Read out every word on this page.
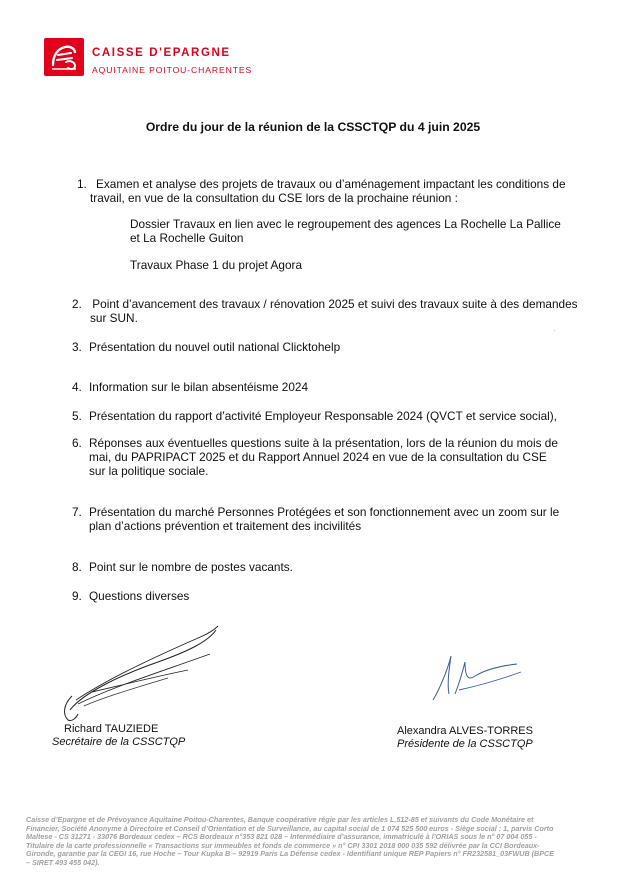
CAISSE D'EPARGNE
AQUITAINE POITOU-CHARENTES
Ordre du jour de la réunion de la CSSCTQP du 4 juin 2025
1. Examen et analyse des projets de travaux ou d’aménagement impactant les conditions de
travail, en vue de la consultation du CSE lors de la prochaine réunion :
Dossier Travaux en lien avec le regroupement des agences La Rochelle La Pallice
et La Rochelle Guiton
Travaux Phase 1 du projet Agora
2. Point d’avancement des travaux / rénovation 2025 et suivi des travaux suite à des demandes
sur SUN.
3. Présentation du nouvel outil national Clicktohelp
4. Information sur le bilan absentéisme 2024
5. Présentation du rapport d’activité Employeur Responsable 2024 (QVCT et service social),
6. Réponses aux éventuelles questions suite à la présentation, lors de la réunion du mois de
mai, du PAPRIPACT 2025 et du Rapport Annuel 2024 en vue de la consultation du CSE
sur la politique sociale.
7. Présentation du marché Personnes Protégées et son fonctionnement avec un zoom sur le
plan d’actions prévention et traitement des incivilités
8. Point sur le nombre de postes vacants.
9. Questions diverses
Richard TAUZIEDE
Secrétaire de la CSSCTQP
Alexandra ALVES-TORRES
Présidente de la CSSCTQP
Caisse d’Epargne et de Prévoyance Aquitaine Poitou-Charentes, Banque coopérative régie par les articles L.512-85 et suivants du Code Monétaire et
Financier, Société Anonyme à Directoire et Conseil d’Orientation et de Surveillance, au capital social de 1 074 525 500 euros - Siège social : 1, parvis Corto
Maltese - CS 31271 - 33076 Bordeaux cedex – RCS Bordeaux n°353 821 028 – Intermédiaire d’assurance, immatriculé à l’ORIAS sous le n° 07 004 055 -
Titulaire de la carte professionnelle « Transactions sur immeubles et fonds de commerce » n° CPI 3301 2018 000 035 592 délivrée par la CCI Bordeaux-
Gironde, garantie par la CEGI 16, rue Hoche – Tour Kupka B – 92919 Paris La Défense cedex - Identifiant unique REP Papiers n° FR232581_03FWUB (BPCE
– SIRET 493 455 042).
